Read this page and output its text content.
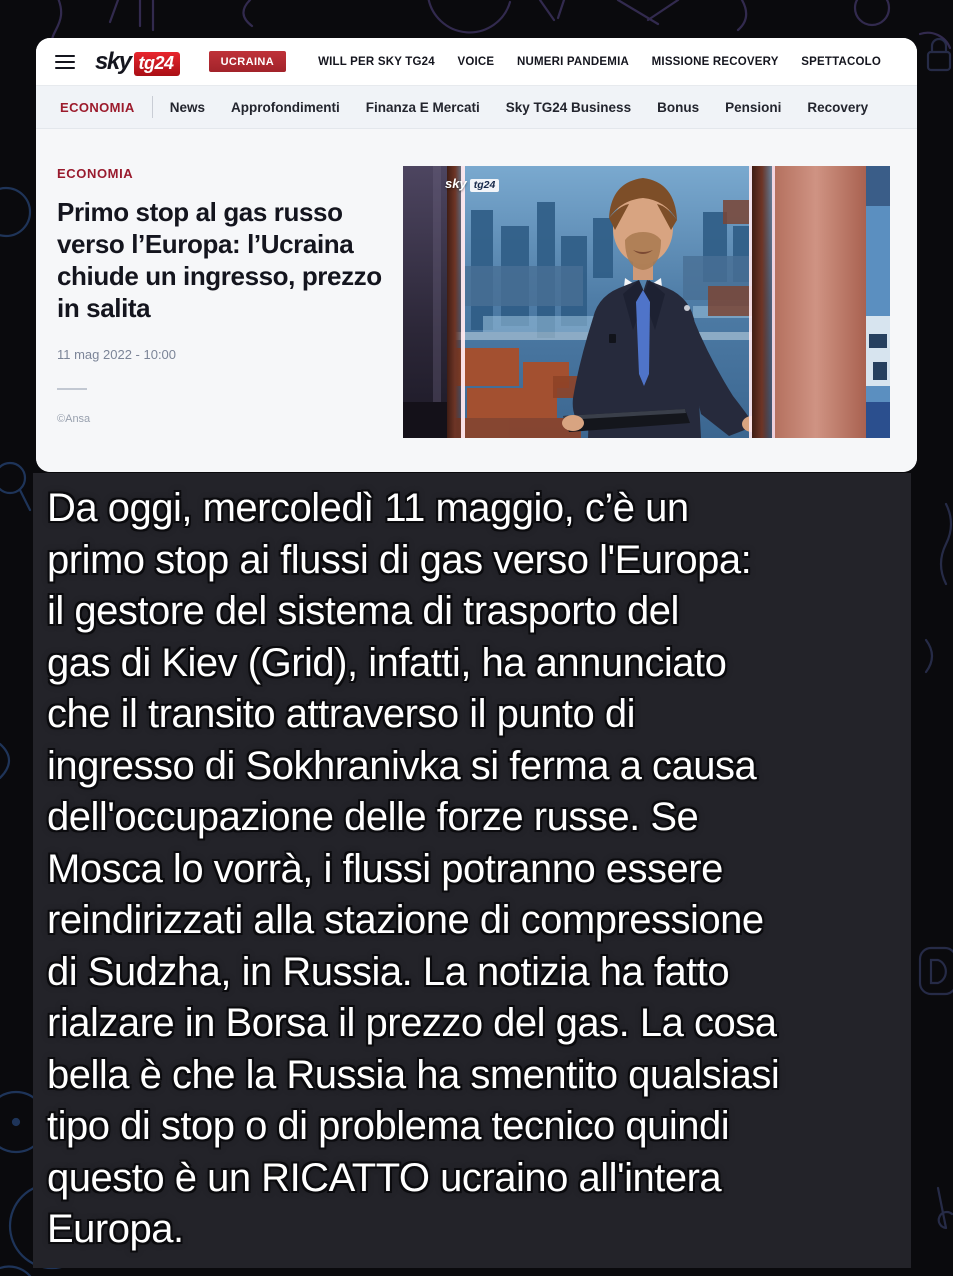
sky tg24	UCRAINA	WILL PER SKY TG24 VOICE NUMERI PANDEMIA MISSIONE RECOVERY SPETTACOLO
ECONOMIA	News Approfondimenti Finanza E Mercati Sky TG24 Business Bonus Pensioni Recovery
ECONOMIA
Primo stop al gas russo verso l’Europa: l’Ucraina chiude un ingresso, prezzo in salita
11 mag 2022 - 10:00
©Ansa
sky tg24
Da oggi, mercoledì 11 maggio, c’è un
primo stop ai flussi di gas verso l'Europa:
il gestore del sistema di trasporto del
gas di Kiev (Grid), infatti, ha annunciato
che il transito attraverso il punto di
ingresso di Sokhranivka si ferma a causa
dell'occupazione delle forze russe. Se
Mosca lo vorrà, i flussi potranno essere
reindirizzati alla stazione di compressione
di Sudzha, in Russia. La notizia ha fatto
rialzare in Borsa il prezzo del gas. La cosa
bella è che la Russia ha smentito qualsiasi
tipo di stop o di problema tecnico quindi
questo è un RICATTO ucraino all'intera
Europa.
